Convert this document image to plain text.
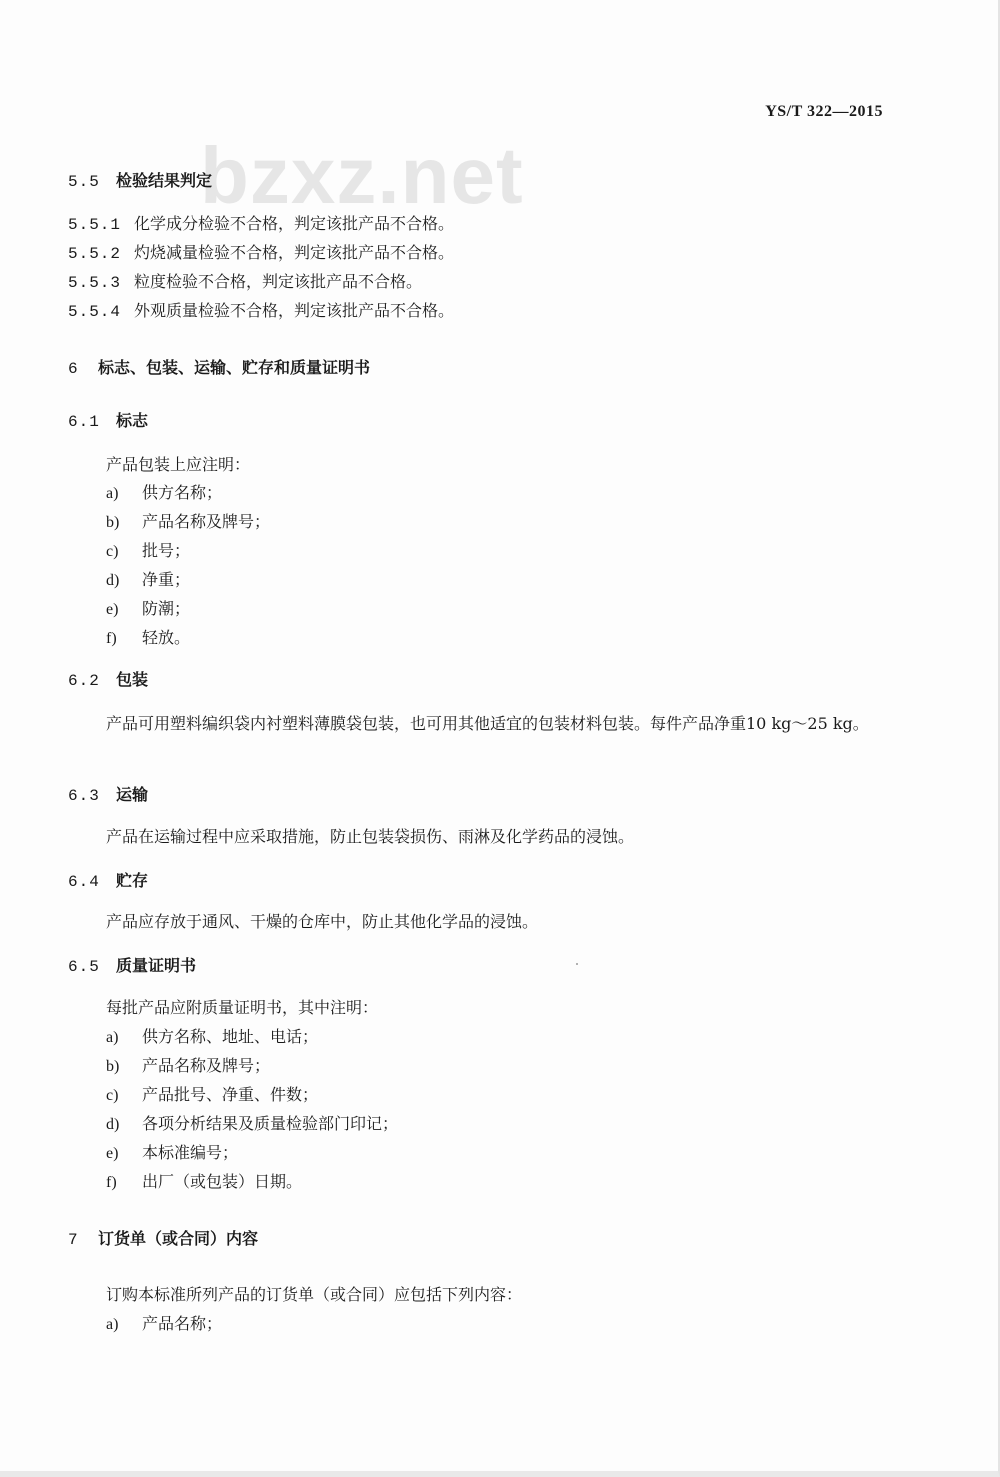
YS/T 322—2015
bzxz.net
5.5 检验结果判定
5.5.1 化学成分检验不合格，判定该批产品不合格。
5.5.2 灼烧减量检验不合格，判定该批产品不合格。
5.5.3 粒度检验不合格，判定该批产品不合格。
5.5.4 外观质量检验不合格，判定该批产品不合格。
6 标志、包装、运输、贮存和质量证明书
6.1 标志
产品包装上应注明：
a) 供方名称；
b) 产品名称及牌号；
c) 批号；
d) 净重；
e) 防潮；
f) 轻放。
6.2 包装
产品可用塑料编织袋内衬塑料薄膜袋包装，也可用其他适宜的包装材料包装。每件产品净重10 kg～25 kg。
6.3 运输
产品在运输过程中应采取措施，防止包装袋损伤、雨淋及化学药品的浸蚀。
6.4 贮存
产品应存放于通风、干燥的仓库中，防止其他化学品的浸蚀。
6.5 质量证明书
每批产品应附质量证明书，其中注明：
a) 供方名称、地址、电话；
b) 产品名称及牌号；
c) 产品批号、净重、件数；
d) 各项分析结果及质量检验部门印记；
e) 本标准编号；
f) 出厂（或包装）日期。
7 订货单（或合同）内容
订购本标准所列产品的订货单（或合同）应包括下列内容：
a) 产品名称；
